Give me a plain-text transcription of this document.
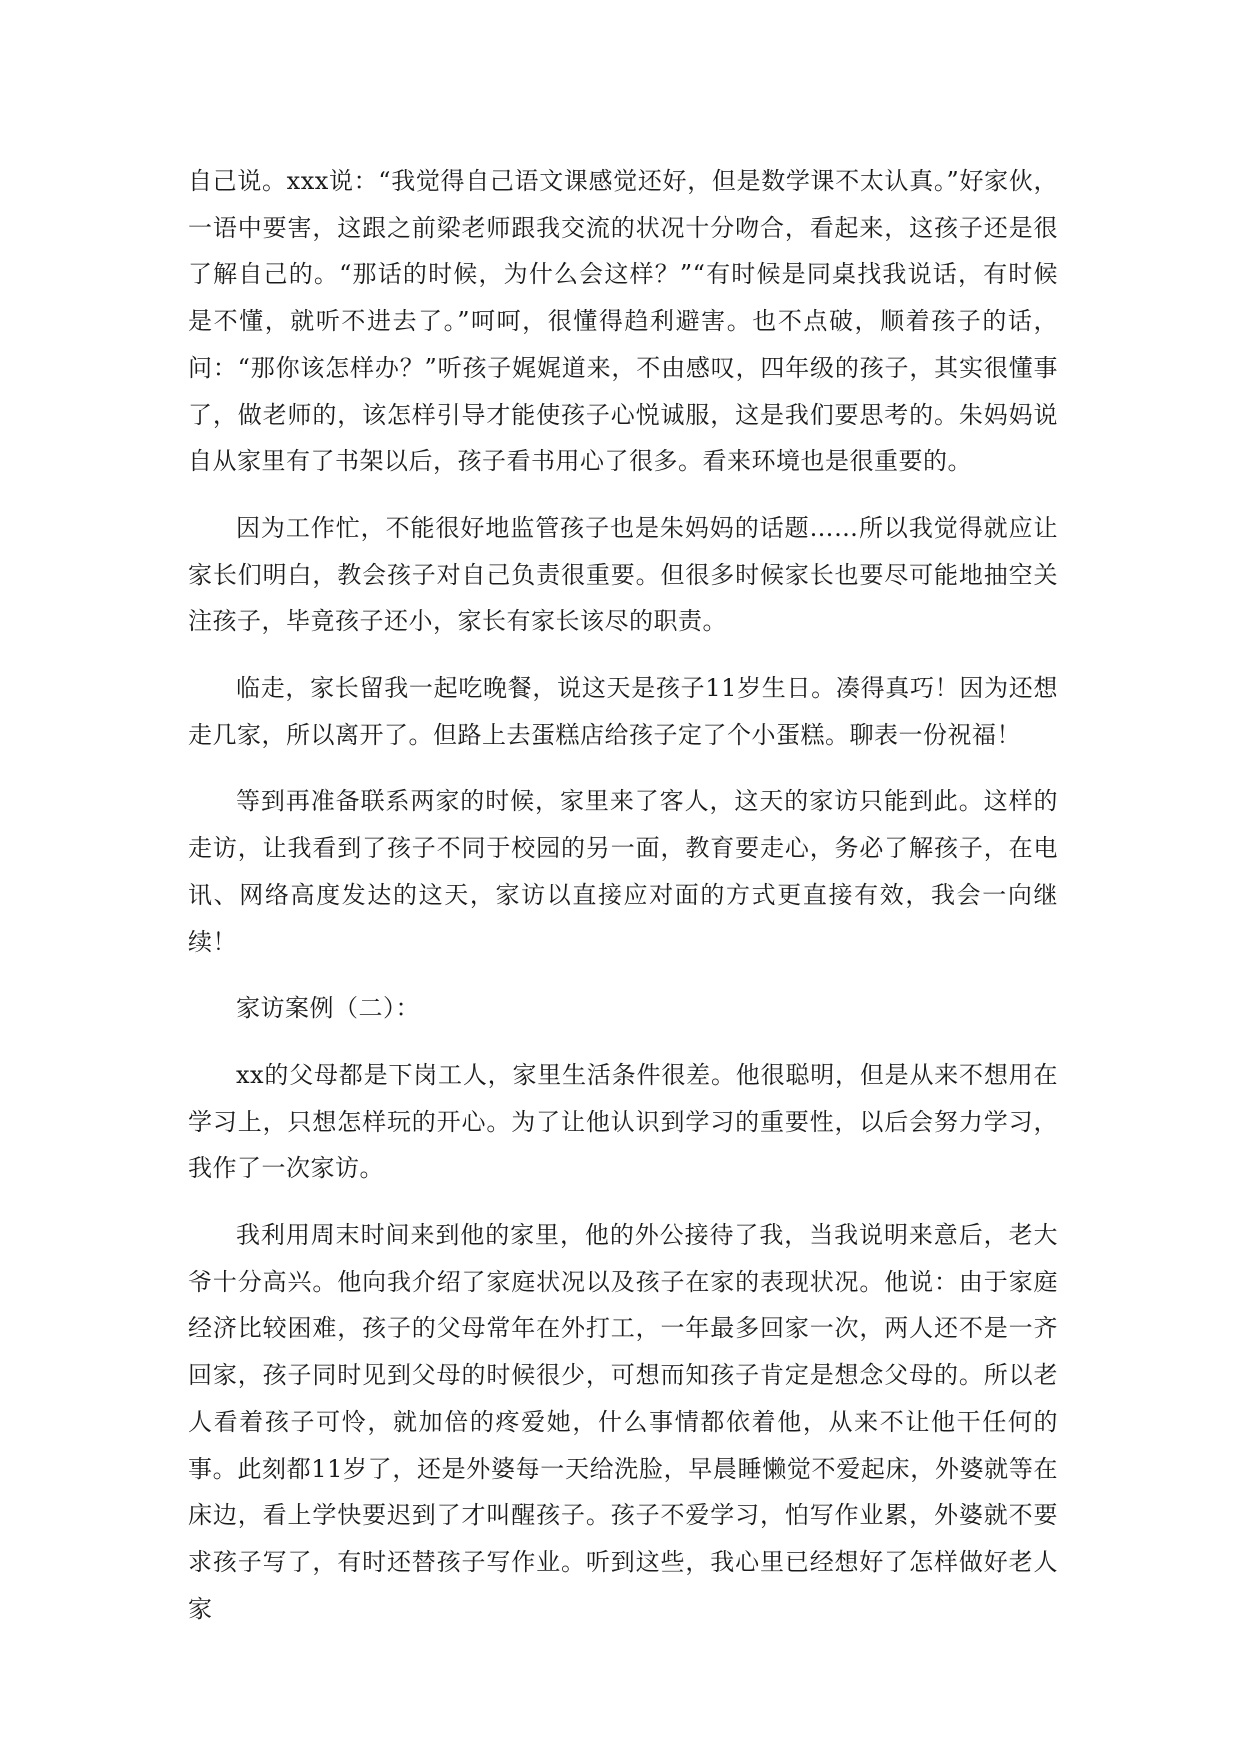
自己说。xxx说：“我觉得自己语文课感觉还好，但是数学课不太认真。”好家伙，一语中要害，这跟之前梁老师跟我交流的状况十分吻合，看起来，这孩子还是很了解自己的。“那话的时候，为什么会这样？”“有时候是同桌找我说话，有时候是不懂，就听不进去了。”呵呵，很懂得趋利避害。也不点破，顺着孩子的话，问：“那你该怎样办？”听孩子娓娓道来，不由感叹，四年级的孩子，其实很懂事了，做老师的，该怎样引导才能使孩子心悦诚服，这是我们要思考的。朱妈妈说自从家里有了书架以后，孩子看书用心了很多。看来环境也是很重要的。

因为工作忙，不能很好地监管孩子也是朱妈妈的话题……所以我觉得就应让家长们明白，教会孩子对自己负责很重要。但很多时候家长也要尽可能地抽空关注孩子，毕竟孩子还小，家长有家长该尽的职责。

临走，家长留我一起吃晚餐，说这天是孩子11岁生日。凑得真巧！因为还想走几家，所以离开了。但路上去蛋糕店给孩子定了个小蛋糕。聊表一份祝福！

等到再准备联系两家的时候，家里来了客人，这天的家访只能到此。这样的走访，让我看到了孩子不同于校园的另一面，教育要走心，务必了解孩子，在电讯、网络高度发达的这天，家访以直接应对面的方式更直接有效，我会一向继续！

家访案例（二）：

xx的父母都是下岗工人，家里生活条件很差。他很聪明，但是从来不想用在学习上，只想怎样玩的开心。为了让他认识到学习的重要性，以后会努力学习，我作了一次家访。

我利用周末时间来到他的家里，他的外公接待了我，当我说明来意后，老大爷十分高兴。他向我介绍了家庭状况以及孩子在家的表现状况。他说：由于家庭经济比较困难，孩子的父母常年在外打工，一年最多回家一次，两人还不是一齐回家，孩子同时见到父母的时候很少，可想而知孩子肯定是想念父母的。所以老人看着孩子可怜，就加倍的疼爱她，什么事情都依着他，从来不让他干任何的事。此刻都11岁了，还是外婆每一天给洗脸，早晨睡懒觉不爱起床，外婆就等在床边，看上学快要迟到了才叫醒孩子。孩子不爱学习，怕写作业累，外婆就不要求孩子写了，有时还替孩子写作业。听到这些，我心里已经想好了怎样做好老人家
